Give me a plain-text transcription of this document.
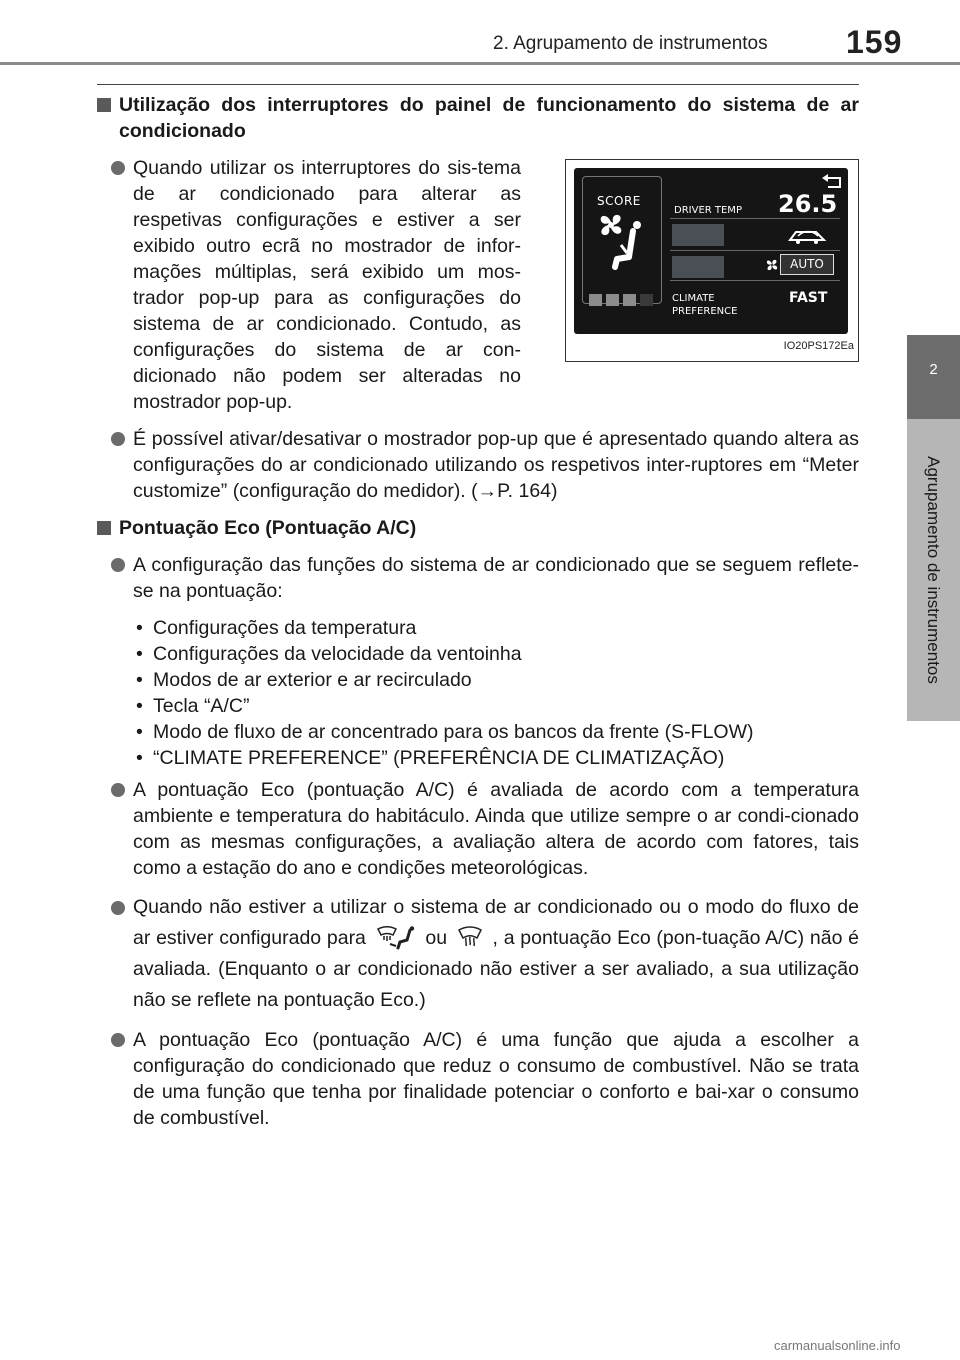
2. Agrupamento de instrumentos 159
2
Agrupamento de instrumentos
Utilização dos interruptores do painel de funcionamento do sistema de ar condicionado
Quando utilizar os interruptores do sis-tema de ar condicionado para alterar as respetivas configurações e estiver a ser exibido outro ecrã no mostrador de infor-mações múltiplas, será exibido um mos-trador pop-up para as configurações do sistema de ar condicionado. Contudo, as configurações do sistema de ar con-dicionado não podem ser alteradas no mostrador pop-up.
SCORE
DRIVER TEMP 26.5
AUTO
CLIMATE
PREFERENCE
FAST
IO20PS172Ea
É possível ativar/desativar o mostrador pop-up que é apresentado quando altera as configurações do ar condicionado utilizando os respetivos inter-ruptores em “Meter customize” (configuração do medidor). (→P. 164)
Pontuação Eco (Pontuação A/C)
A configuração das funções do sistema de ar condicionado que se seguem reflete-se na pontuação:
• Configurações da temperatura
• Configurações da velocidade da ventoinha
• Modos de ar exterior e ar recirculado
• Tecla “A/C”
• Modo de fluxo de ar concentrado para os bancos da frente (S-FLOW)
• “CLIMATE PREFERENCE” (PREFERÊNCIA DE CLIMATIZAÇÃO)
A pontuação Eco (pontuação A/C) é avaliada de acordo com a temperatura ambiente e temperatura do habitáculo. Ainda que utilize sempre o ar condi-cionado com as mesmas configurações, a avaliação altera de acordo com fatores, tais como a estação do ano e condições meteorológicas.
Quando não estiver a utilizar o sistema de ar condicionado ou o modo do fluxo de ar estiver configurado para	ou , a pontuação Eco (pon-tuação A/C) não é avaliada. (Enquanto o ar condicionado não estiver a ser avaliado, a sua utilização não se reflete na pontuação Eco.)
A pontuação Eco (pontuação A/C) é uma função que ajuda a escolher a configuração do condicionado que reduz o consumo de combustível. Não se trata de uma função que tenha por finalidade potenciar o conforto e bai-xar o consumo de combustível.
carmanualsonline.info
